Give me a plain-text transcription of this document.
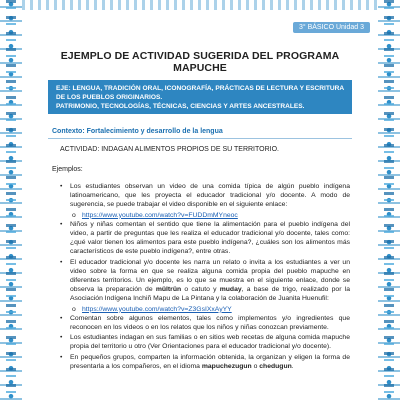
3° BÁSICO Unidad 3
EJEMPLO DE ACTIVIDAD SUGERIDA DEL PROGRAMA MAPUCHE
EJE: LENGUA, TRADICIÓN ORAL, ICONOGRAFÍA, PRÁCTICAS DE LECTURA Y ESCRITURA DE LOS PUEBLOS ORIGINARIOS.
PATRIMONIO, TECNOLOGÍAS, TÉCNICAS, CIENCIAS Y ARTES ANCESTRALES.
Contexto: Fortalecimiento y desarrollo de la lengua
ACTIVIDAD: INDAGAN ALIMENTOS PROPIOS DE SU TERRITORIO.
Ejemplos:
• Los estudiantes observan un video de una comida típica de algún pueblo indígena latinoamericano, que les proyecta el educador tradicional y/o docente. A modo de sugerencia, se puede trabajar el video disponible en el siguiente enlace:
o https://www.youtube.com/watch?v=FUDDmMYneoc
• Niños y niñas comentan el sentido que tiene la alimentación para el pueblo indígena del video, a partir de preguntas que les realiza el educador tradicional y/o docente, tales como: ¿qué valor tienen los alimentos para este pueblo indígena?, ¿cuáles son los alimentos más característicos de este pueblo indígena?, entre otras.
• El educador tradicional y/o docente les narra un relato o invita a los estudiantes a ver un video sobre la forma en que se realiza alguna comida propia del pueblo mapuche en diferentes territorios. Un ejemplo, es lo que se muestra en el siguiente enlace, donde se observa la preparación de mültrün o catuto y muday, a base de trigo, realizado por la Asociación Indígena Inchiñ Mapu de La Pintana y la colaboración de Juanita Huenufil:
o https://www.youtube.com/watch?v=Z3GsIXxAyYY
• Comentan sobre algunos elementos, tales como implementos y/o ingredientes que reconocen en los videos o en los relatos que los niños y niñas conozcan previamente.
• Los estudiantes indagan en sus familias o en sitios web recetas de alguna comida mapuche propia del territorio u otro (Ver Orientaciones para el educador tradicional y/o docente).
• En pequeños grupos, comparten la información obtenida, la organizan y eligen la forma de presentarla a los compañeros, en el idioma mapuchezugun o chedugun.
